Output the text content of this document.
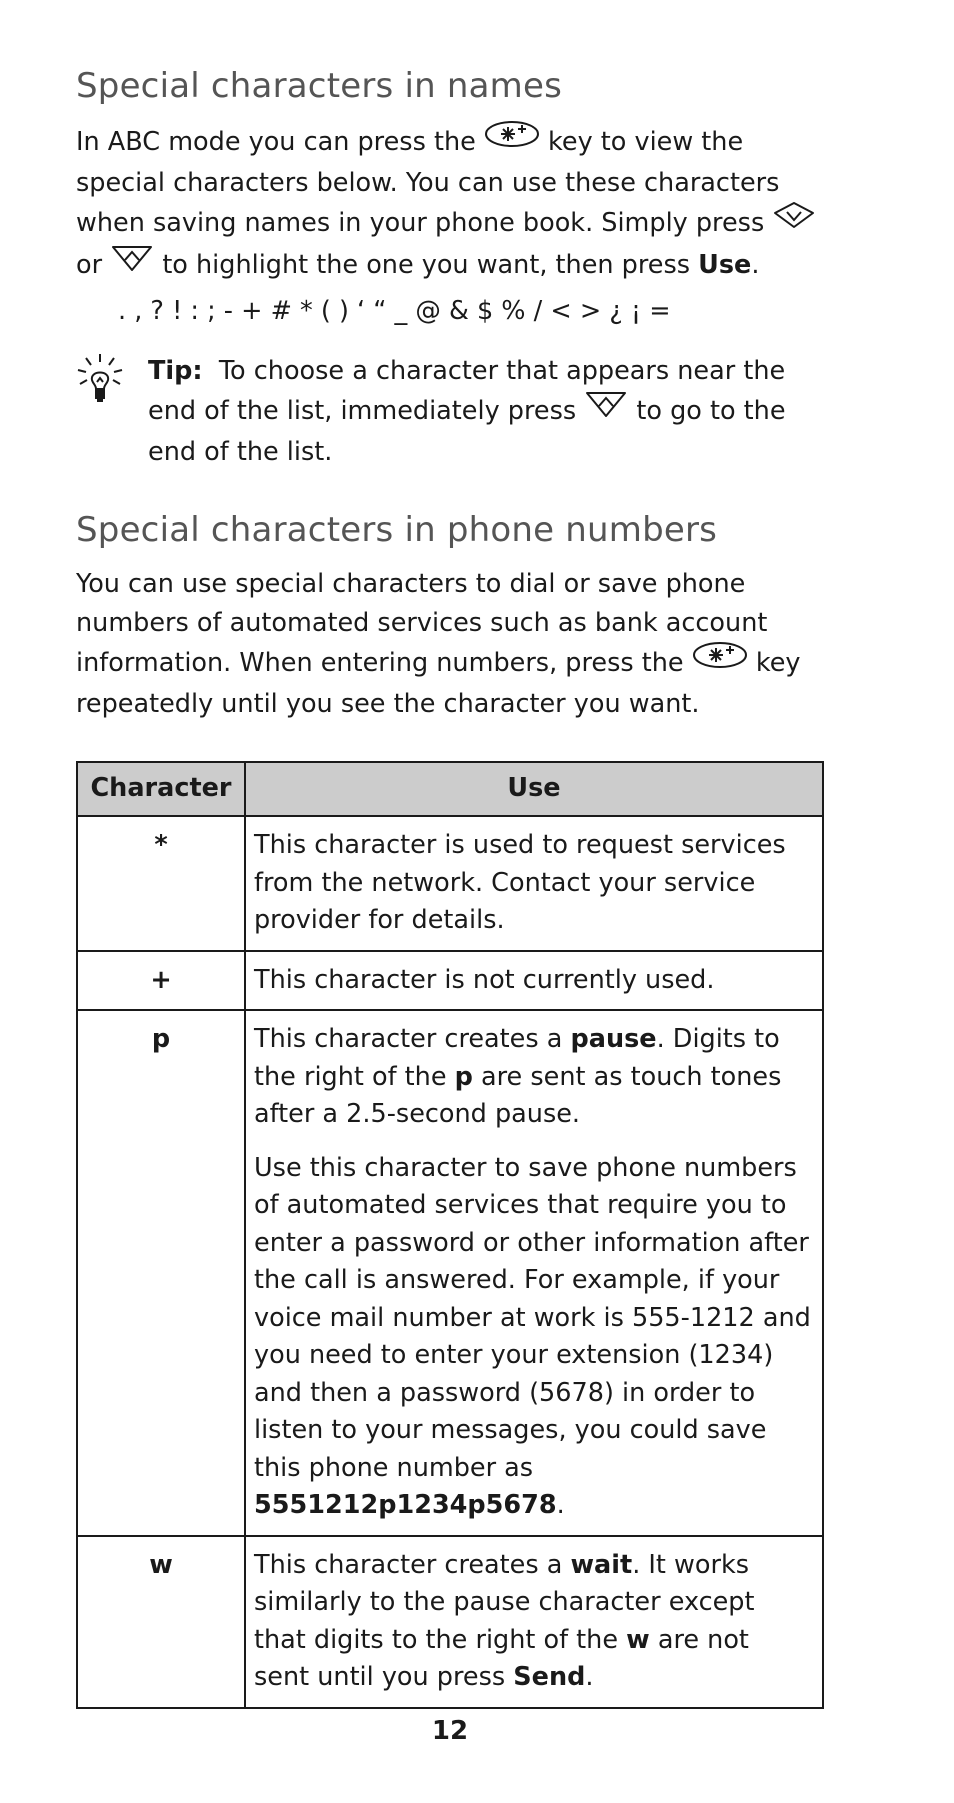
Special characters in names

In ABC mode you can press the	key to view the special characters below. You can use these characters when saving names in your phone book. Simply press  or to highlight the one you want, then press Use.

. , ? ! : ; - + # * ( ) ‘ “ _ @ & $ % / < > ¿ ¡ =
Tip: To choose a character that appears near the end of the list, immediately press to go to the end of the list.
Special characters in phone numbers

You can use special characters to dial or save phone numbers of automated services such as bank account information. When entering numbers, press the	key repeatedly until you see the character you want.

Character	Use
*	This character is used to request services from the network. Contact your service provider for details.
+	This character is not currently used.
p	This character creates a pause. Digits to the right of the p are sent as touch tones after a 2.5-second pause.

Use this character to save phone numbers of automated services that require you to enter a password or other information after the call is answered. For example, if your voice mail number at work is 555-1212 and you need to enter your extension (1234) and then a password (5678) in order to listen to your messages, you could save this phone number as 5551212p1234p5678.

w	This character creates a wait. It works similarly to the pause character except that digits to the right of the w are not sent until you press Send.

12
